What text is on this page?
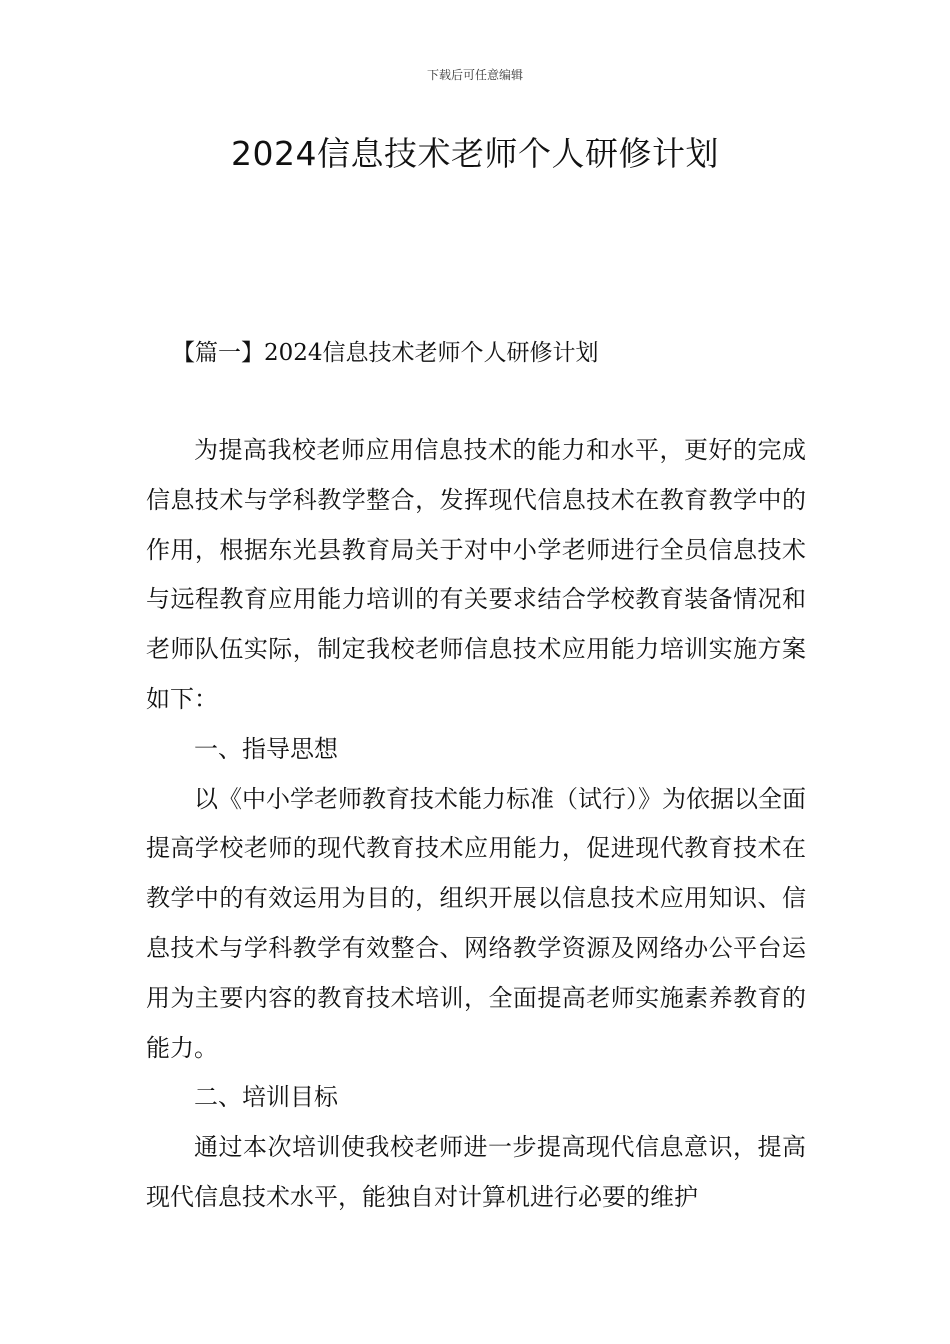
下载后可任意编辑
2024信息技术老师个人研修计划
【篇一】2024信息技术老师个人研修计划

为提高我校老师应用信息技术的能力和水平，更好的完成信息技术与学科教学整合，发挥现代信息技术在教育教学中的作用，根据东光县教育局关于对中小学老师进行全员信息技术与远程教育应用能力培训的有关要求结合学校教育装备情况和老师队伍实际，制定我校老师信息技术应用能力培训实施方案如下：

一、指导思想

以《中小学老师教育技术能力标准（试行）》为依据以全面提高学校老师的现代教育技术应用能力，促进现代教育技术在教学中的有效运用为目的，组织开展以信息技术应用知识、信息技术与学科教学有效整合、网络教学资源及网络办公平台运用为主要内容的教育技术培训，全面提高老师实施素养教育的能力。

二、培训目标

通过本次培训使我校老师进一步提高现代信息意识，提高现代信息技术水平，能独自对计算机进行必要的维护
